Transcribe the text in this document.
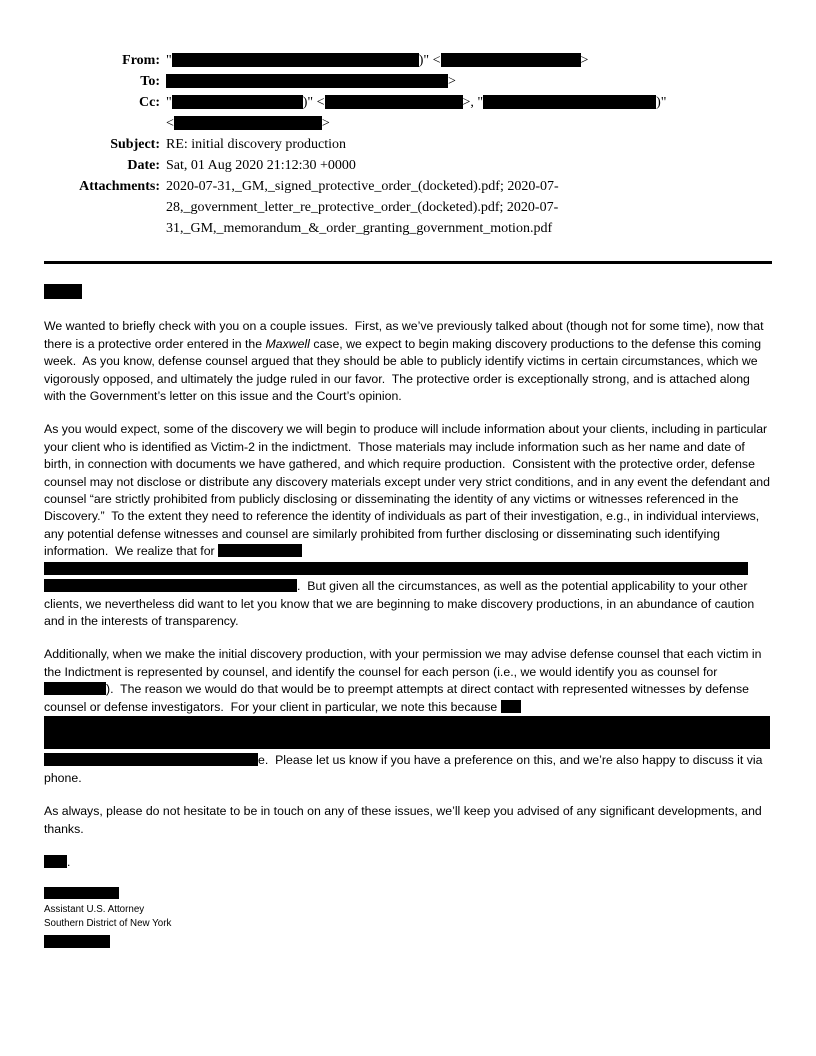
From: "	)" <	>
To:	>
Cc: "	)" <	>, "	)"
<	>
Subject: RE: initial discovery production
Date: Sat, 01 Aug 2020 21:12:30 +0000
Attachments: 2020-07-31,_GM,_signed_protective_order_(docketed).pdf; 2020-07-
28,_government_letter_re_protective_order_(docketed).pdf; 2020-07-
31,_GM,_memorandum_&_order_granting_government_motion.pdf

We wanted to briefly check with you on a couple issues.  First, as we’ve previously talked about (though not for some time), now that there is a protective order entered in the Maxwell case, we expect to begin making discovery productions to the defense this coming week.  As you know, defense counsel argued that they should be able to publicly identify victims in certain circumstances, which we vigorously opposed, and ultimately the judge ruled in our favor.  The protective order is exceptionally strong, and is attached along with the Government’s letter on this issue and the Court’s opinion.

As you would expect, some of the discovery we will begin to produce will include information about your clients, including in particular your client who is identified as Victim-2 in the indictment.  Those materials may include information such as her name and date of birth, in connection with documents we have gathered, and which require production.  Consistent with the protective order, defense counsel may not disclose or distribute any discovery materials except under very strict conditions, and in any event the defendant and counsel “are strictly prohibited from publicly disclosing or disseminating the identity of any victims or witnesses referenced in the Discovery.”  To the extent they need to reference the identity of individuals as part of their investigation, e.g., in individual interviews, any potential defense witnesses and counsel are similarly prohibited from further disclosing or disseminating such identifying information.  We realize that for   .  But given all the circumstances, as well as the potential applicability to your other clients, we nevertheless did want to let you know that we are beginning to make discovery productions, in an abundance of caution and in the interests of transparency.

Additionally, when we make the initial discovery production, with your permission we may advise defense counsel that each victim in the Indictment is represented by counsel, and identify the counsel for each person (i.e., we would identify you as counsel for ).  The reason we would do that would be to preempt attempts at direct contact with represented witnesses by defense counsel or defense investigators.  For your client in particular, we note this because   e.  Please let us know if you have a preference on this, and we’re also happy to discuss it via phone.

As always, please do not hesitate to be in touch on any of these issues, we’ll keep you advised of any significant developments, and thanks.

.
Assistant U.S. Attorney
Southern District of New York
